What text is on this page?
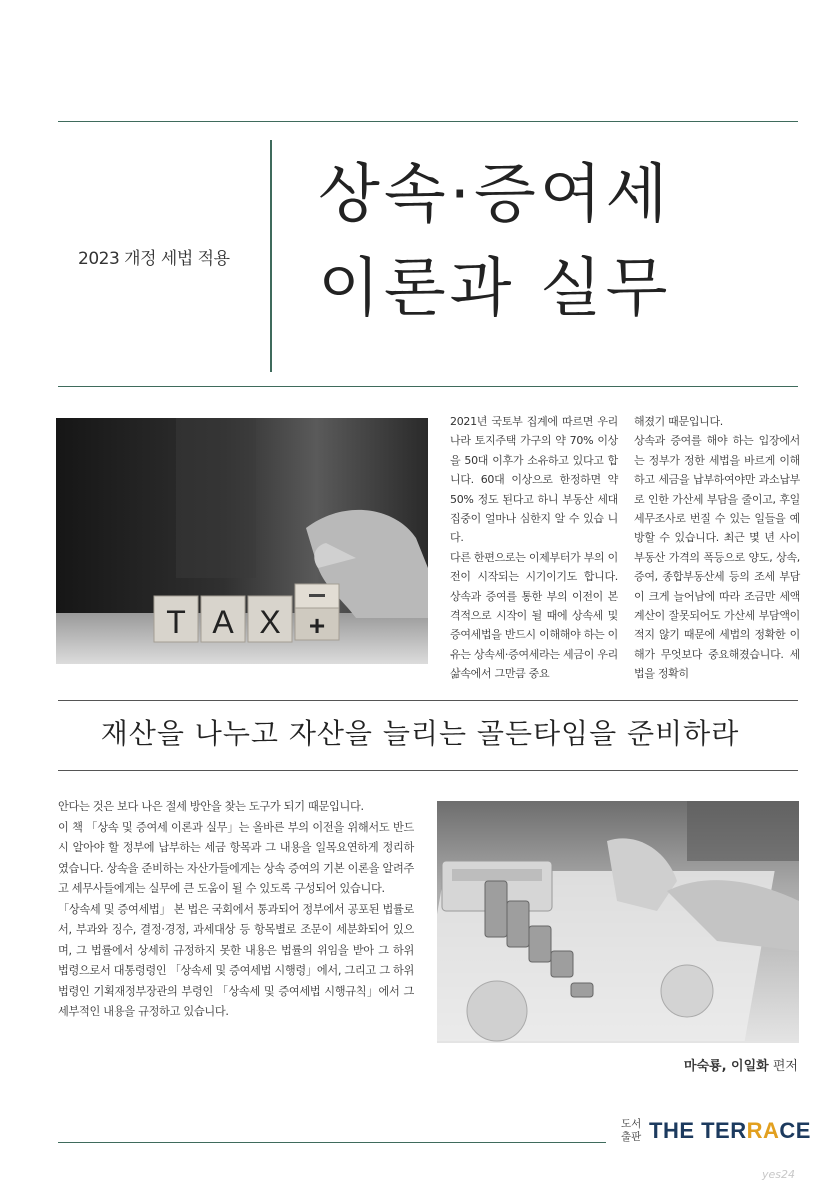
2023 개정 세법 적용
상속·증여세
이론과 실무
T A X	+

2021년 국토부 집계에 따르면 우리나라 토지주택 가구의 약 70% 이상을 50대 이후가 소유하고 있다고 합니다. 60대 이상으로 한정하면 약 50% 정도 된다고 하니 부동산 세대 집중이 얼마나 심한지 알 수 있습 니다.

다른 한편으로는 이제부터가 부의 이전이 시작되는 시기이기도 합니다. 상속과 증여를 통한 부의 이전이 본격적으로 시작이 될 때에 상속세 및 증여세법을 반드시 이해해야 하는 이유는 상속세·증여세라는 세금이 우리 삶속에서 그만큼 중요

해졌기 때문입니다.

상속과 증여를 해야 하는 입장에서는 정부가 정한 세법을 바르게 이해하고 세금을 납부하여야만 과소납부로 인한 가산세 부담을 줄이고, 후일 세무조사로 번질 수 있는 일들을 예방할 수 있습니다. 최근 몇 년 사이 부동산 가격의 폭등으로 양도, 상속, 증여, 종합부동산세 등의 조세 부담이 크게 늘어남에 따라 조금만 세액계산이 잘못되어도 가산세 부담액이 적지 않기 때문에 세법의 정확한 이해가 무엇보다 중요해졌습니다. 세법을 정확히

재산을 나누고 자산을 늘리는 골든타임을 준비하라

안다는 것은 보다 나은 절세 방안을 찾는 도구가 되기 때문입니다.

이 책 「상속 및 증여세 이론과 실무」는 올바른 부의 이전을 위해서도 반드시 알아야 할 정부에 납부하는 세금 항목과 그 내용을 일목요연하게 정리하였습니다. 상속을 준비하는 자산가들에게는 상속 증여의 기본 이론을 알려주고 세무사들에게는 실무에 큰 도움이 될 수 있도록 구성되어 있습니다.

「상속세 및 증여세법」 본 법은 국회에서 통과되어 정부에서 공포된 법률로서, 부과와 징수, 결정·경정, 과세대상 등 항목별로 조문이 세분화되어 있으며, 그 법률에서 상세히 규정하지 못한 내용은 법률의 위임을 받아 그 하위 법령으로서 대통령령인 「상속세 및 증여세법 시행령」에서, 그리고 그 하위 법령인 기획재정부장관의 부령인 「상속세 및 증여세법 시행규칙」에서 그 세부적인 내용을 규정하고 있습니다.

마숙룡, 이일화 편저
도서
출판 THE TERRACE
yes24
